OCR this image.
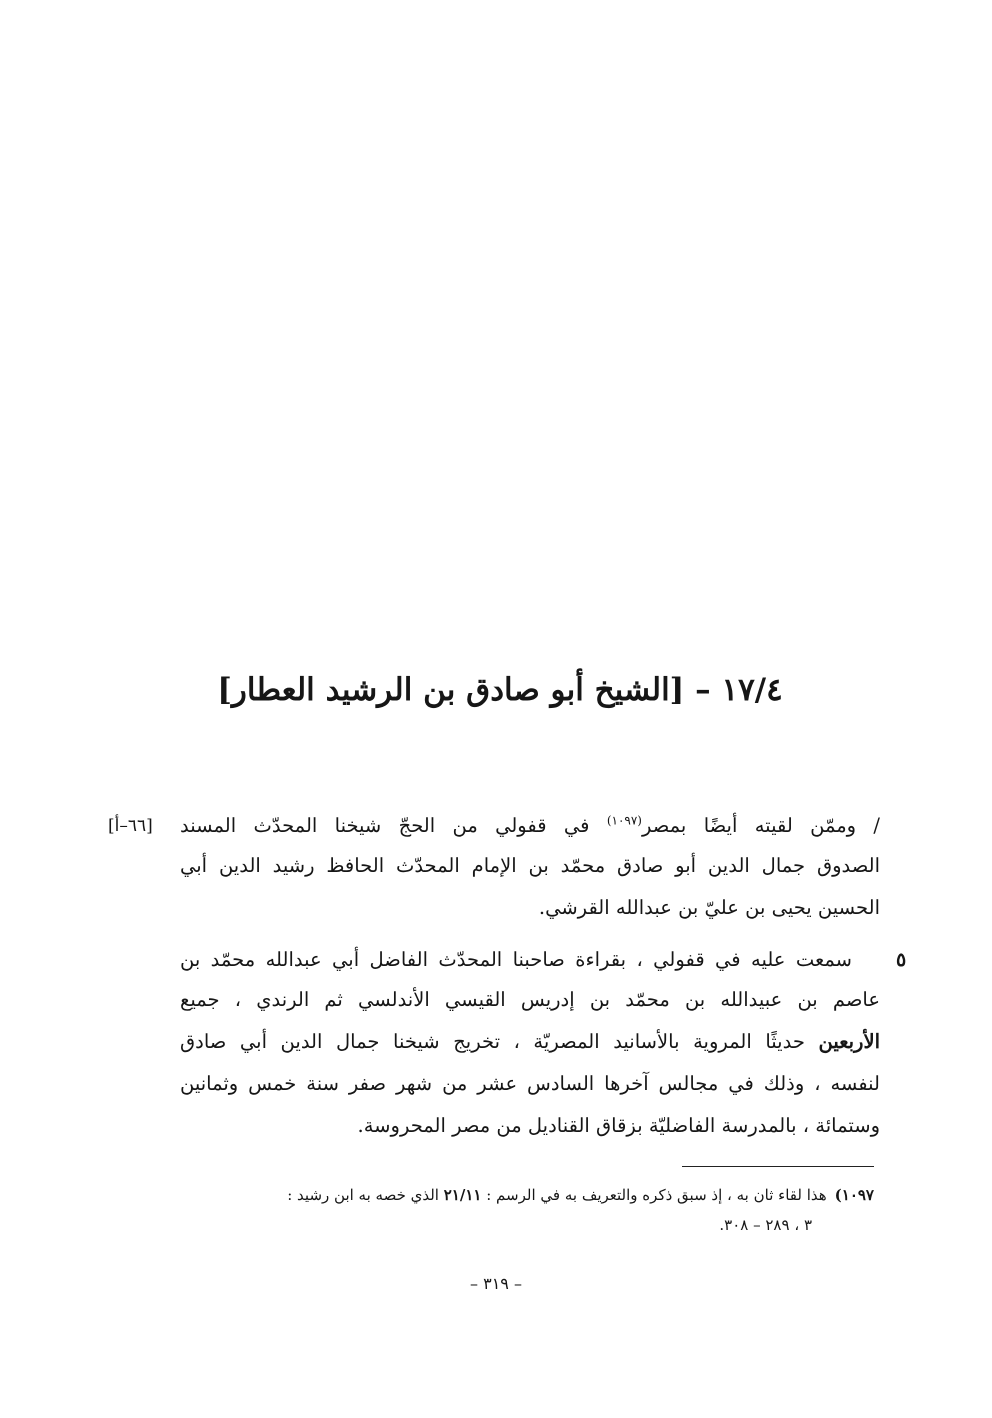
١٧/٤ – [الشيخ أبو صادق بن الرشيد العطار]
[٦٦–أ]	/ وممّن لقيته أيضًا بمصر$^{(١٠٩٧)}$ في قفولي من الحجّ شيخنا المحدّث المسند
الصدوق جمال الدين أبو صادق محمّد بن الإمام المحدّث الحافظ رشيد الدين أبي
الحسين يحيى بن عليّ بن عبدالله القرشي.
٥
سمعت عليه في قفولي ، بقراءة صاحبنا المحدّث الفاضل أبي عبدالله محمّد بن
عاصم بن عبيدالله بن محمّد بن إدريس القيسي الأندلسي ثم الرندي ، جميع
الأربعين حديثًا المروية بالأسانيد المصريّة ، تخريج شيخنا جمال الدين أبي صادق
لنفسه ، وذلك في مجالس آخرها السادس عشر من شهر صفر سنة خمس وثمانين
وستمائة ، بالمدرسة الفاضليّة بزقاق القناديل من مصر المحروسة.
١٠٩٧)هذا لقاء ثان به ، إذ سبق ذكره والتعريف به في الرسم : ٢١/١١ الذي خصه به ابن رشيد :
٣ ، ٢٨٩ – ٣٠٨.
– ٣١٩ –
